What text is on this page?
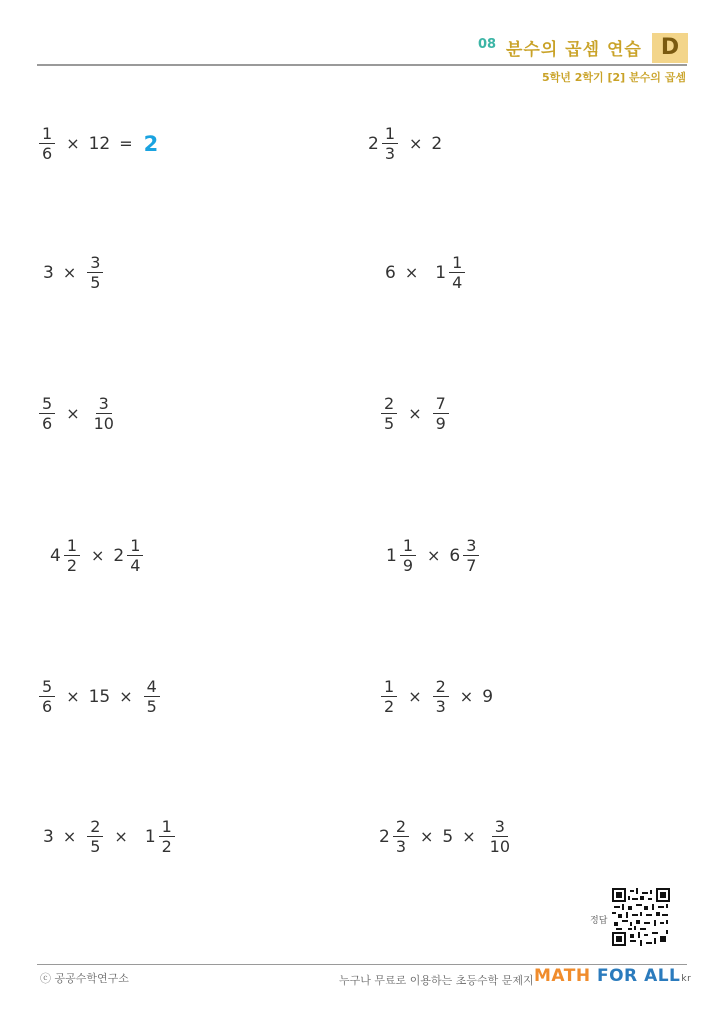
08 분수의 곱셈 연습 D
5학년 2학기 [2] 분수의 곱셈
$\frac{1}{6} \times 12 = 2$	$2 \frac{1}{3} \times 2$
$3 \times \frac{3}{5}$	$6 \times 1 \frac{1}{4}$
$\frac{5}{6} \times \frac{3}{10}$	$\frac{2}{5} \times \frac{7}{9}$
$4 \frac{1}{2} \times 2 \frac{1}{4}$	$1 \frac{1}{9} \times 6 \frac{3}{7}$
$\frac{5}{6} \times 15 \times \frac{4}{5}$	$\frac{1}{2} \times \frac{2}{3} \times 9$
$3 \times \frac{2}{5} \times 1 \frac{1}{2}$	$2 \frac{2}{3} \times 5 \times \frac{3}{10}$
정답
ⓒ 공공수학연구소	누구나 무료로 이용하는 초등수학 문제지 MATH FOR ALLkr
